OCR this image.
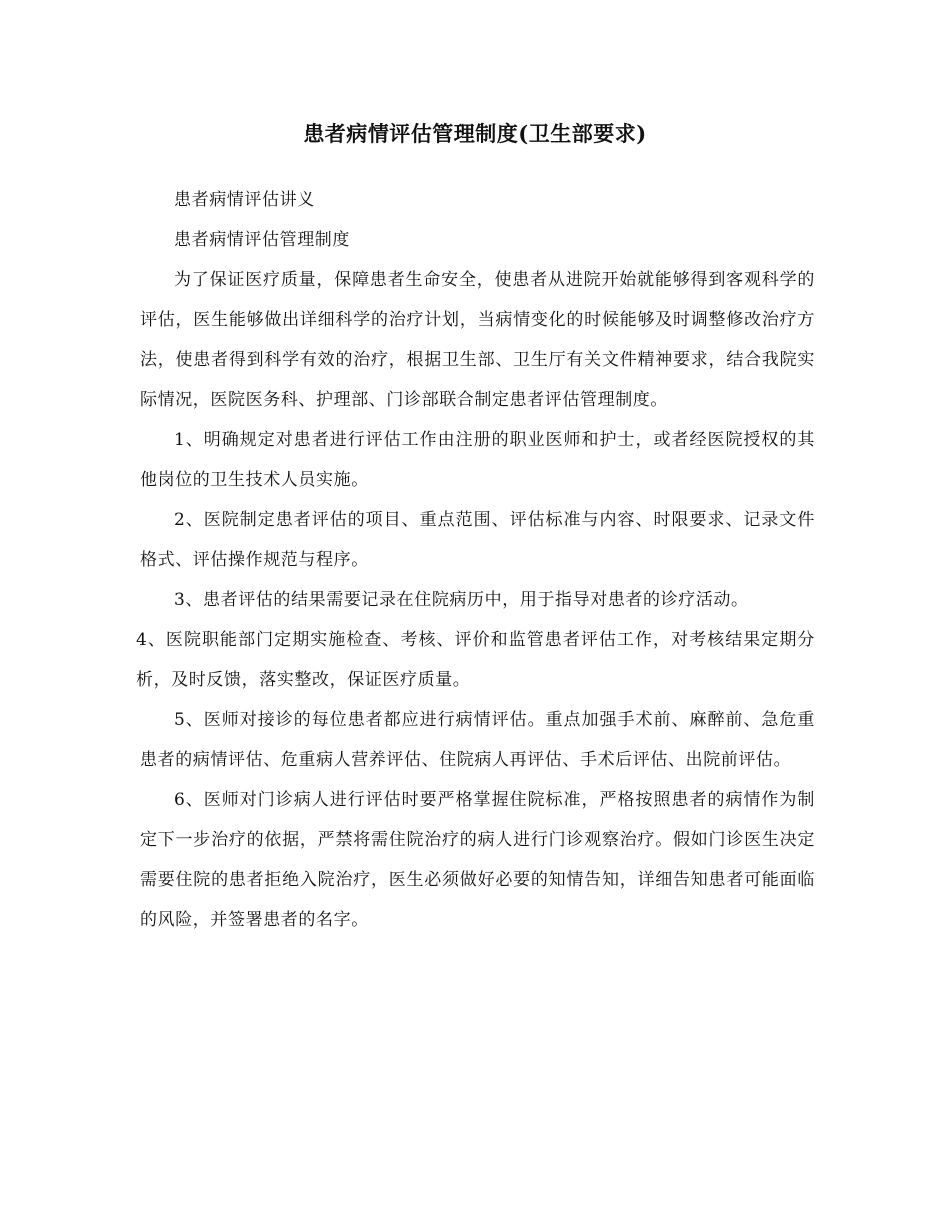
患者病情评估管理制度(卫生部要求)

患者病情评估讲义

患者病情评估管理制度

为了保证医疗质量，保障患者生命安全，使患者从进院开始就能够得到客观科学的评估，医生能够做出详细科学的治疗计划，当病情变化的时候能够及时调整修改治疗方法，使患者得到科学有效的治疗，根据卫生部、卫生厅有关文件精神要求，结合我院实际情况，医院医务科、护理部、门诊部联合制定患者评估管理制度。

1、明确规定对患者进行评估工作由注册的职业医师和护士，或者经医院授权的其他岗位的卫生技术人员实施。

2、医院制定患者评估的项目、重点范围、评估标准与内容、时限要求、记录文件格式、评估操作规范与程序。

3、患者评估的结果需要记录在住院病历中，用于指导对患者的诊疗活动。

4、医院职能部门定期实施检查、考核、评价和监管患者评估工作，对考核结果定期分析，及时反馈，落实整改，保证医疗质量。

5、医师对接诊的每位患者都应进行病情评估。重点加强手术前、麻醉前、急危重患者的病情评估、危重病人营养评估、住院病人再评估、手术后评估、出院前评估。

6、医师对门诊病人进行评估时要严格掌握住院标准，严格按照患者的病情作为制定下一步治疗的依据，严禁将需住院治疗的病人进行门诊观察治疗。假如门诊医生决定需要住院的患者拒绝入院治疗，医生必须做好必要的知情告知，详细告知患者可能面临的风险，并签署患者的名字。
